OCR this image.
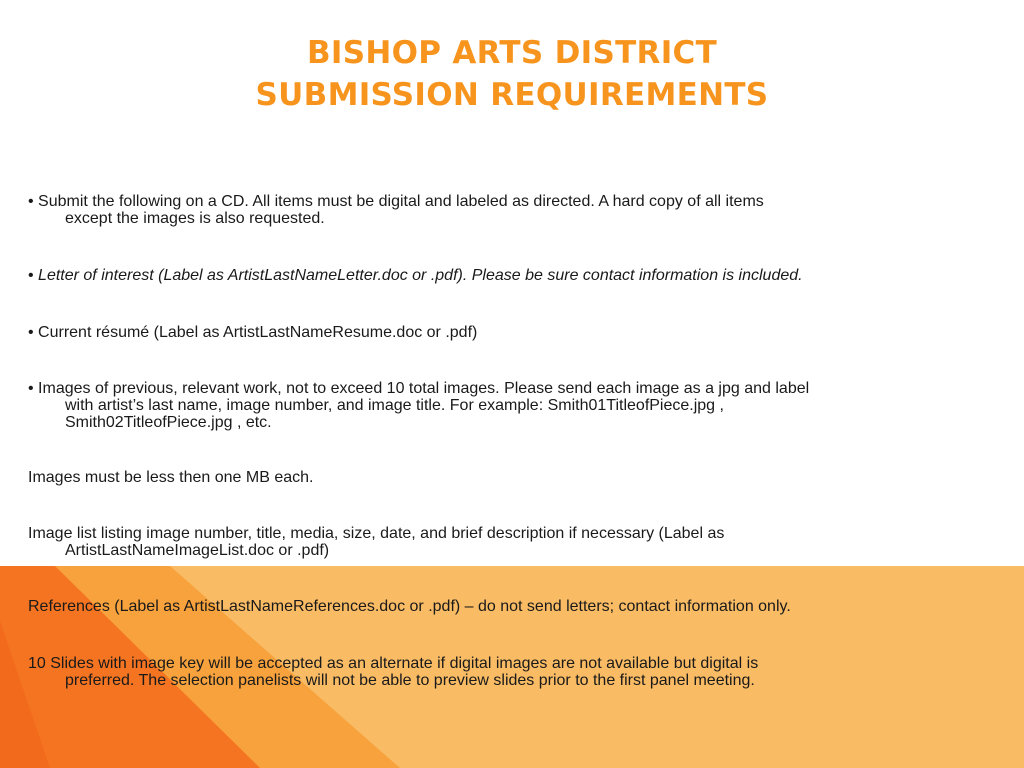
BISHOP ARTS DISTRICT
SUBMISSION REQUIREMENTS

• Submit the following on a CD. All items must be digital and labeled as directed. A hard copy of all items
except the images is also requested.

• Letter of interest (Label as ArtistLastNameLetter.doc or .pdf). Please be sure contact information is included.

• Current résumé (Label as ArtistLastNameResume.doc or .pdf)

• Images of previous, relevant work, not to exceed 10 total images. Please send each image as a jpg and label
with artist’s last name, image number, and image title. For example: Smith01TitleofPiece.jpg ,
Smith02TitleofPiece.jpg , etc.

Images must be less then one MB each.

Image list listing image number, title, media, size, date, and brief description if necessary (Label as
ArtistLastNameImageList.doc or .pdf)

References (Label as ArtistLastNameReferences.doc or .pdf) – do not send letters; contact information only.

10 Slides with image key will be accepted as an alternate if digital images are not available but digital is
preferred. The selection panelists will not be able to preview slides prior to the first panel meeting.
